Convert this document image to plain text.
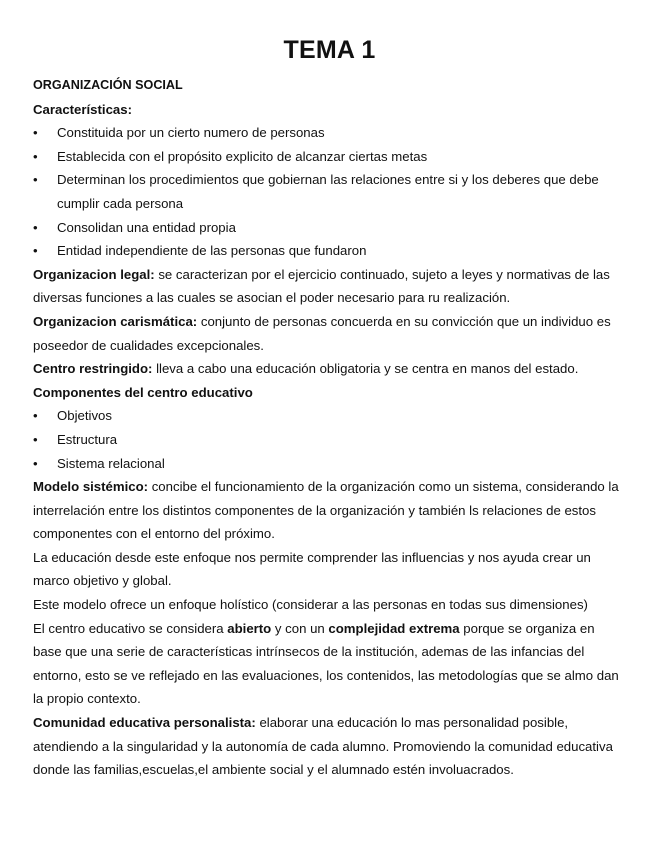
TEMA 1
ORGANIZACIÓN SOCIAL
Características:
• Constituida por un cierto numero de personas
• Establecida con el propósito explicito de alcanzar ciertas metas
• Determinan los procedimientos que gobiernan las relaciones entre si y los deberes que debe cumplir cada persona
• Consolidan una entidad propia
• Entidad independiente de las personas que fundaron

Organizacion legal: se caracterizan por el ejercicio continuado, sujeto a leyes y normativas de las diversas funciones a las cuales se asocian el poder necesario para ru realización.

Organizacion carismática: conjunto de personas concuerda en su convicción que un individuo es poseedor de cualidades excepcionales.

Centro restringido: lleva a cabo una educación obligatoria y se centra en manos del estado.

Componentes del centro educativo
• Objetivos
• Estructura
• Sistema relacional

Modelo sistémico: concibe el funcionamiento de la organización como un sistema, considerando la interrelación entre los distintos componentes de la organización y también ls relaciones de estos componentes con el entorno del próximo.

La educación desde este enfoque nos permite comprender las influencias y nos ayuda crear un marco objetivo y global.

Este modelo ofrece un enfoque holístico (considerar a las personas en todas sus dimensiones)

El centro educativo se considera abierto y con un complejidad extrema porque se organiza en base que una serie de características intrínsecos de la institución, ademas de las infancias del entorno, esto se ve reflejado en las evaluaciones, los contenidos, las metodologías que se almo dan la propio contexto.

Comunidad educativa personalista: elaborar una educación lo mas personalidad posible, atendiendo a la singularidad y la autonomía de cada alumno. Promoviendo la comunidad educativa donde las familias,escuelas,el ambiente social y el alumnado estén involuacrados.
